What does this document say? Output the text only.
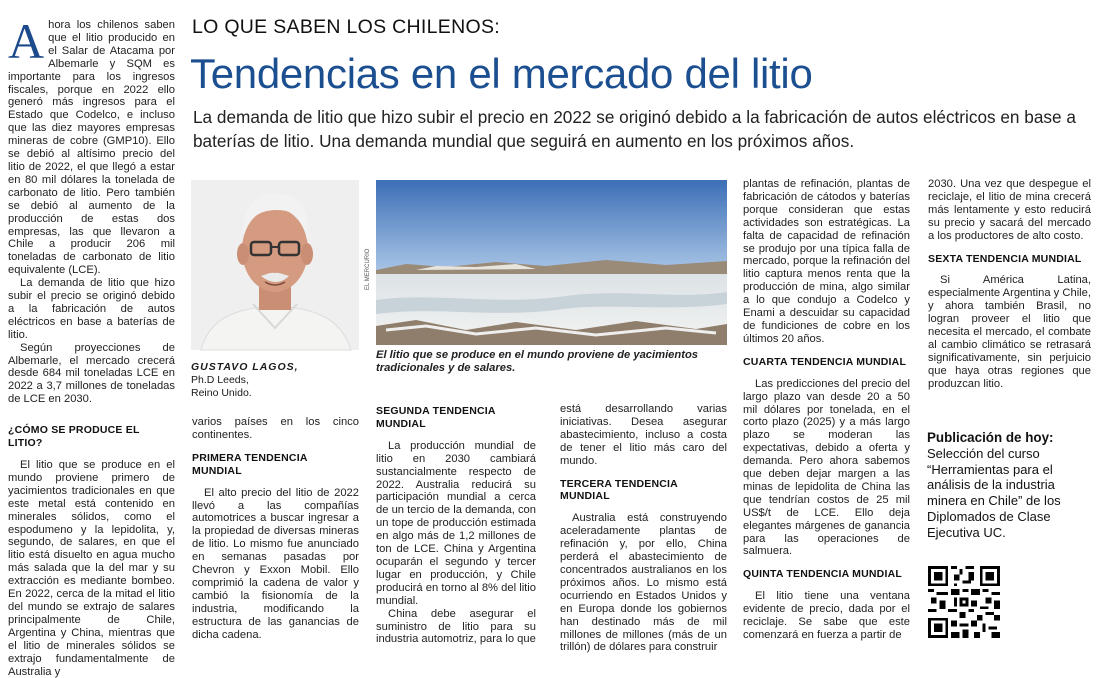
Ahora los chilenos saben que el litio producido en el Salar de Atacama por Albemarle y SQM es importante para los ingresos fiscales, porque en 2022 ello generó más ingresos para el Estado que Codelco, e incluso que las diez mayores empresas mineras de cobre (GMP10). Ello se debió al altísimo precio del litio de 2022, el que llegó a estar en 80 mil dólares la tonelada de carbonato de litio. Pero también se debió al aumento de la producción de estas dos empresas, las que llevaron a Chile a producir 206 mil toneladas de carbonato de litio equivalente (LCE).

La demanda de litio que hizo subir el precio se originó debido a la fabricación de autos eléctricos en base a baterías de litio.

Según proyecciones de Albemarle, el mercado crecerá desde 684 mil toneladas LCE en 2022 a 3,7 millones de toneladas de LCE en 2030.

¿CÓMO SE PRODUCE EL LITIO?

El litio que se produce en el mundo proviene primero de yacimientos tradicionales en que este metal está contenido en minerales sólidos, como el espodumeno y la lepidolita, y, segundo, de salares, en que el litio está disuelto en agua mucho más salada que la del mar y su extracción es mediante bombeo. En 2022, cerca de la mitad el litio del mundo se extrajo de salares principalmente de Chile, Argentina y China, mientras que el litio de minerales sólidos se extrajo fundamentalmente de Australia y

LO QUE SABEN LOS CHILENOS:
Tendencias en el mercado del litio
La demanda de litio que hizo subir el precio en 2022 se originó debido a la fabricación de autos eléctricos en base a baterías de litio. Una demanda mundial que seguirá en aumento en los próximos años.
GUSTAVO LAGOS,
Ph.D Leeds,
Reino Unido.
EL MERCURIO
El litio que se produce en el mundo proviene de yacimientos tradicionales y de salares.

varios países en los cinco continentes.

PRIMERA TENDENCIA MUNDIAL

El alto precio del litio de 2022 llevó a las compañías automotrices a buscar ingresar a la propiedad de diversas mineras de litio. Lo mismo fue anunciado en semanas pasadas por Chevron y Exxon Mobil. Ello comprimió la cadena de valor y cambió la fisionomía de la industria, modificando la estructura de las ganancias de dicha cadena.

SEGUNDA TENDENCIA MUNDIAL

La producción mundial de litio en 2030 cambiará sustancialmente respecto de 2022. Australia reducirá su participación mundial a cerca de un tercio de la demanda, con un tope de producción estimada en algo más de 1,2 millones de ton de LCE. China y Argentina ocuparán el segundo y tercer lugar en producción, y Chile producirá en torno al 8% del litio mundial.

China debe asegurar el suministro de litio para su industria automotriz, para lo que

está desarrollando varias iniciativas. Desea asegurar abastecimiento, incluso a costa de tener el litio más caro del mundo.

TERCERA TENDENCIA MUNDIAL

Australia está construyendo aceleradamente plantas de refinación y, por ello, China perderá el abastecimiento de concentrados australianos en los próximos años. Lo mismo está ocurriendo en Estados Unidos y en Europa donde los gobiernos han destinado más de mil millones de millones (más de un trillón) de dólares para construir

plantas de refinación, plantas de fabricación de cátodos y baterías porque consideran que estas actividades son estratégicas. La falta de capacidad de refinación se produjo por una típica falla de mercado, porque la refinación del litio captura menos renta que la producción de mina, algo similar a lo que condujo a Codelco y Enami a descuidar su capacidad de fundiciones de cobre en los últimos 20 años.

CUARTA TENDENCIA MUNDIAL

Las predicciones del precio del largo plazo van desde 20 a 50 mil dólares por tonelada, en el corto plazo (2025) y a más largo plazo se moderan las expectativas, debido a oferta y demanda. Pero ahora sabemos que deben dejar margen a las minas de lepidolita de China las que tendrían costos de 25 mil US$/t de LCE. Ello deja elegantes márgenes de ganancia para las operaciones de salmuera.

QUINTA TENDENCIA MUNDIAL

El litio tiene una ventana evidente de precio, dada por el reciclaje. Se sabe que este comenzará en fuerza a partir de

2030. Una vez que despegue el reciclaje, el litio de mina crecerá más lentamente y esto reducirá su precio y sacará del mercado a los productores de alto costo.

SEXTA TENDENCIA MUNDIAL

Si América Latina, especialmente Argentina y Chile, y ahora también Brasil, no logran proveer el litio que necesita el mercado, el combate al cambio climático se retrasará significativamente, sin perjuicio que haya otras regiones que produzcan litio.

Publicación de hoy:
Selección del curso “Herramientas para el análisis de la industria minera en Chile” de los Diplomados de Clase Ejecutiva UC.
